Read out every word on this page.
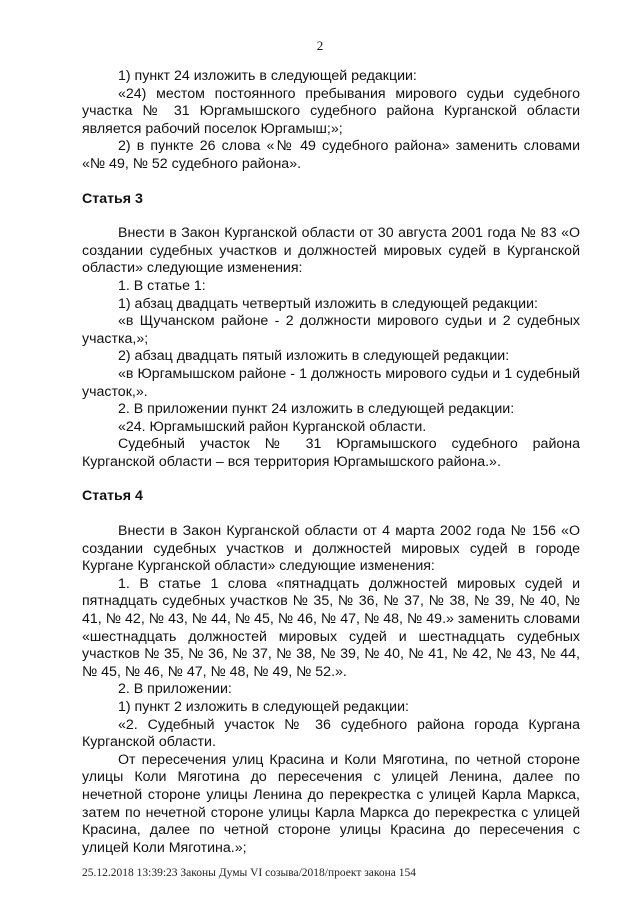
2

1) пункт 24 изложить в следующей редакции:

«24) местом постоянного пребывания мирового судьи судебного участка № 31 Юргамышского судебного района Курганской области является рабочий поселок Юргамыш;»;

2) в пункте 26 слова «№ 49 судебного района» заменить словами «№ 49, № 52 судебного района».

Статья 3

Внести в Закон Курганской области от 30 августа 2001 года № 83 «О создании судебных участков и должностей мировых судей в Курганской области» следующие изменения:

1. В статье 1:

1) абзац двадцать четвертый изложить в следующей редакции:

«в Щучанском районе - 2 должности мирового судьи и 2 судебных участка,»;

2) абзац двадцать пятый изложить в следующей редакции:

«в Юргамышском районе - 1 должность мирового судьи и 1 судебный участок,».

2. В приложении пункт 24 изложить в следующей редакции:

«24. Юргамышский район Курганской области.

Судебный участок № 31 Юргамышского судебного района Курганской области – вся территория Юргамышского района.».

Статья 4

Внести в Закон Курганской области от 4 марта 2002 года № 156 «О создании судебных участков и должностей мировых судей в городе Кургане Курганской области» следующие изменения:

1. В статье 1 слова «пятнадцать должностей мировых судей и пятнадцать судебных участков № 35, № 36, № 37, № 38, № 39, № 40, № 41, № 42, № 43, № 44, № 45, № 46, № 47, № 48, № 49.» заменить словами «шестнадцать должностей мировых судей и шестнадцать судебных участков № 35, № 36, № 37, № 38, № 39, № 40, № 41, № 42, № 43, № 44, № 45, № 46, № 47, № 48, № 49, № 52.».

2. В приложении:

1) пункт 2 изложить в следующей редакции:

«2. Судебный участок № 36 судебного района города Кургана Курганской области.

От пересечения улиц Красина и Коли Мяготина, по четной стороне улицы Коли Мяготина до пересечения с улицей Ленина, далее по нечетной стороне улицы Ленина до перекрестка с улицей Карла Маркса, затем по нечетной стороне улицы Карла Маркса до перекрестка с улицей Красина, далее по четной стороне улицы Красина до пересечения с улицей Коли Мяготина.»;

25.12.2018 13:39:23 Законы Думы VI созыва/2018/проект закона 154
